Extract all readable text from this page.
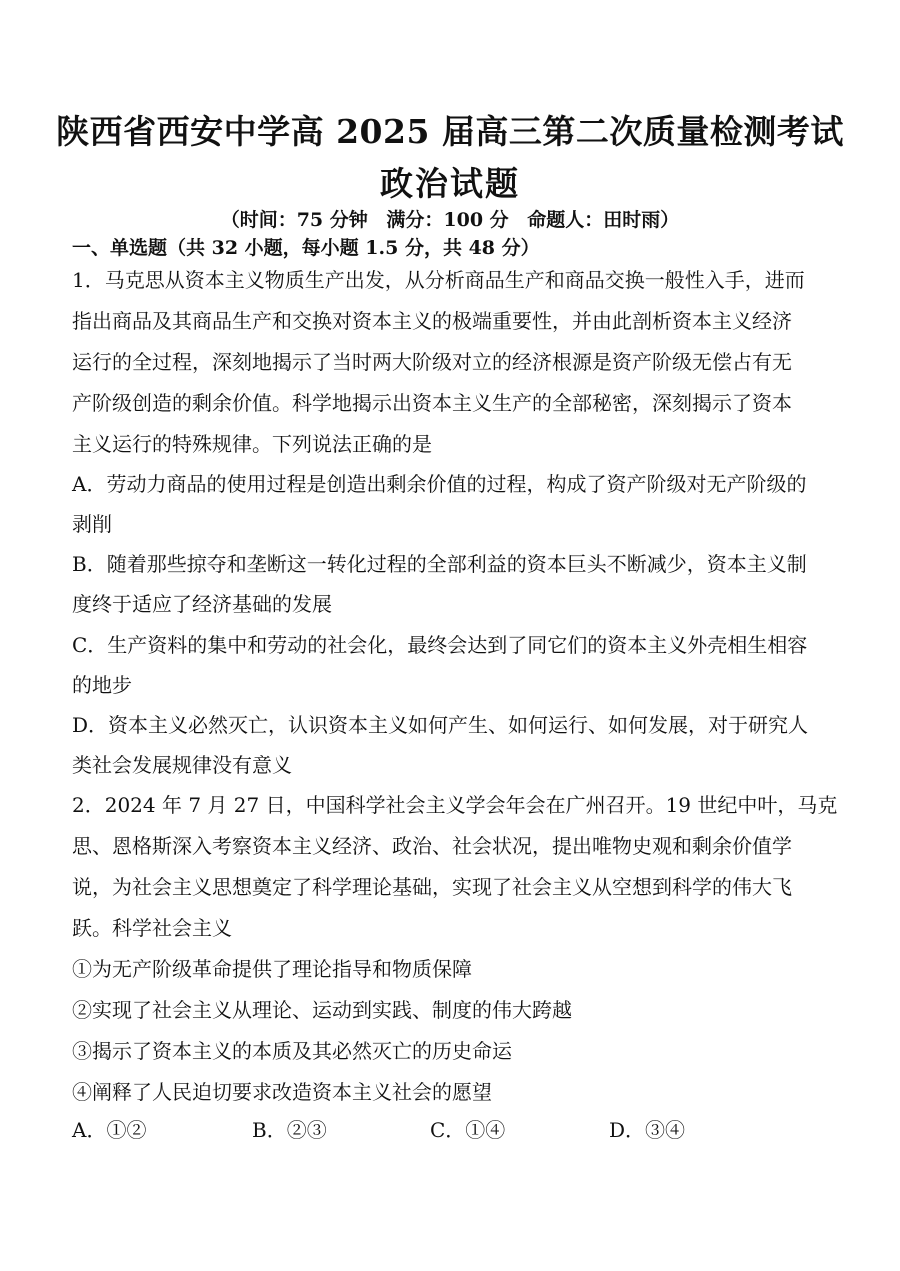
陕西省西安中学高 2025 届高三第二次质量检测考试
政治试题
（时间：75 分钟 满分：100 分 命题人：田时雨）
一、单选题（共 32 小题，每小题 1.5 分，共 48 分）
1．马克思从资本主义物质生产出发，从分析商品生产和商品交换一般性入手，进而
指出商品及其商品生产和交换对资本主义的极端重要性，并由此剖析资本主义经济
运行的全过程，深刻地揭示了当时两大阶级对立的经济根源是资产阶级无偿占有无
产阶级创造的剩余价值。科学地揭示出资本主义生产的全部秘密，深刻揭示了资本
主义运行的特殊规律。下列说法正确的是
A．劳动力商品的使用过程是创造出剩余价值的过程，构成了资产阶级对无产阶级的
剥削
B．随着那些掠夺和垄断这一转化过程的全部利益的资本巨头不断减少，资本主义制
度终于适应了经济基础的发展
C．生产资料的集中和劳动的社会化，最终会达到了同它们的资本主义外壳相生相容
的地步
D．资本主义必然灭亡，认识资本主义如何产生、如何运行、如何发展，对于研究人
类社会发展规律没有意义
2．2024 年 7 月 27 日，中国科学社会主义学会年会在广州召开。19 世纪中叶，马克
思、恩格斯深入考察资本主义经济、政治、社会状况，提出唯物史观和剩余价值学
说，为社会主义思想奠定了科学理论基础，实现了社会主义从空想到科学的伟大飞
跃。科学社会主义
①为无产阶级革命提供了理论指导和物质保障
②实现了社会主义从理论、运动到实践、制度的伟大跨越
③揭示了资本主义的本质及其必然灭亡的历史命运
④阐释了人民迫切要求改造资本主义社会的愿望
A．①②	B．②③	C．①④	D．③④
